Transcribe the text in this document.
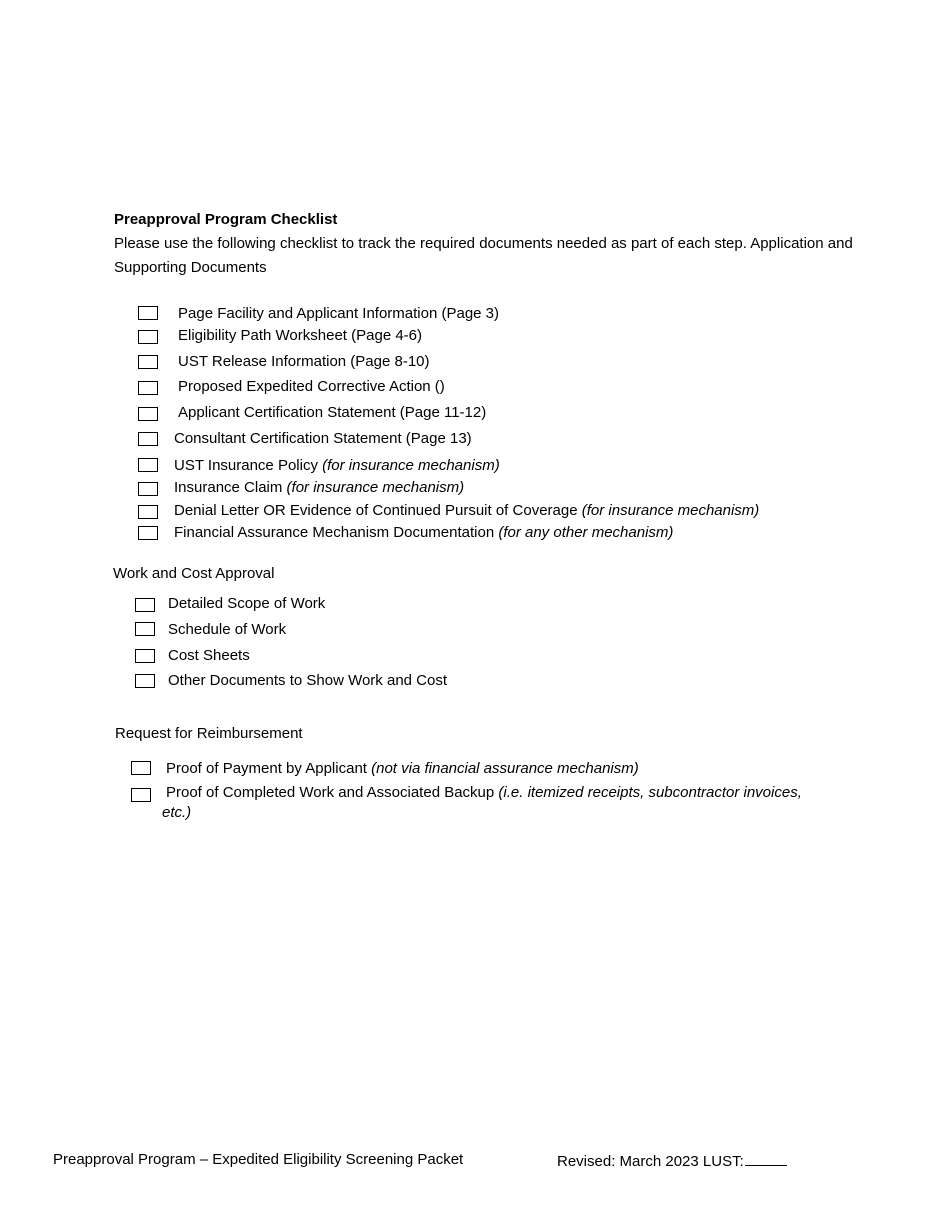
Preapproval Program Checklist
Please use the following checklist to track the required documents needed as part of each step. Application and Supporting Documents
Page Facility and Applicant Information (Page 3)
Eligibility Path Worksheet (Page 4-6)
UST Release Information (Page 8-10)
Proposed Expedited Corrective Action ()
Applicant Certification Statement (Page 11-12)
Consultant Certification Statement (Page 13)
UST Insurance Policy (for insurance mechanism)
Insurance Claim (for insurance mechanism)
Denial Letter OR Evidence of Continued Pursuit of Coverage (for insurance mechanism)
Financial Assurance Mechanism Documentation (for any other mechanism)
Work and Cost Approval
Detailed Scope of Work
Schedule of Work
Cost Sheets
Other Documents to Show Work and Cost
Request for Reimbursement
Proof of Payment by Applicant (not via financial assurance mechanism)
Proof of Completed Work and Associated Backup (i.e. itemized receipts, subcontractor invoices,
etc.)
Preapproval Program – Expedited Eligibility Screening Packet	Revised: March 2023 LUST:
